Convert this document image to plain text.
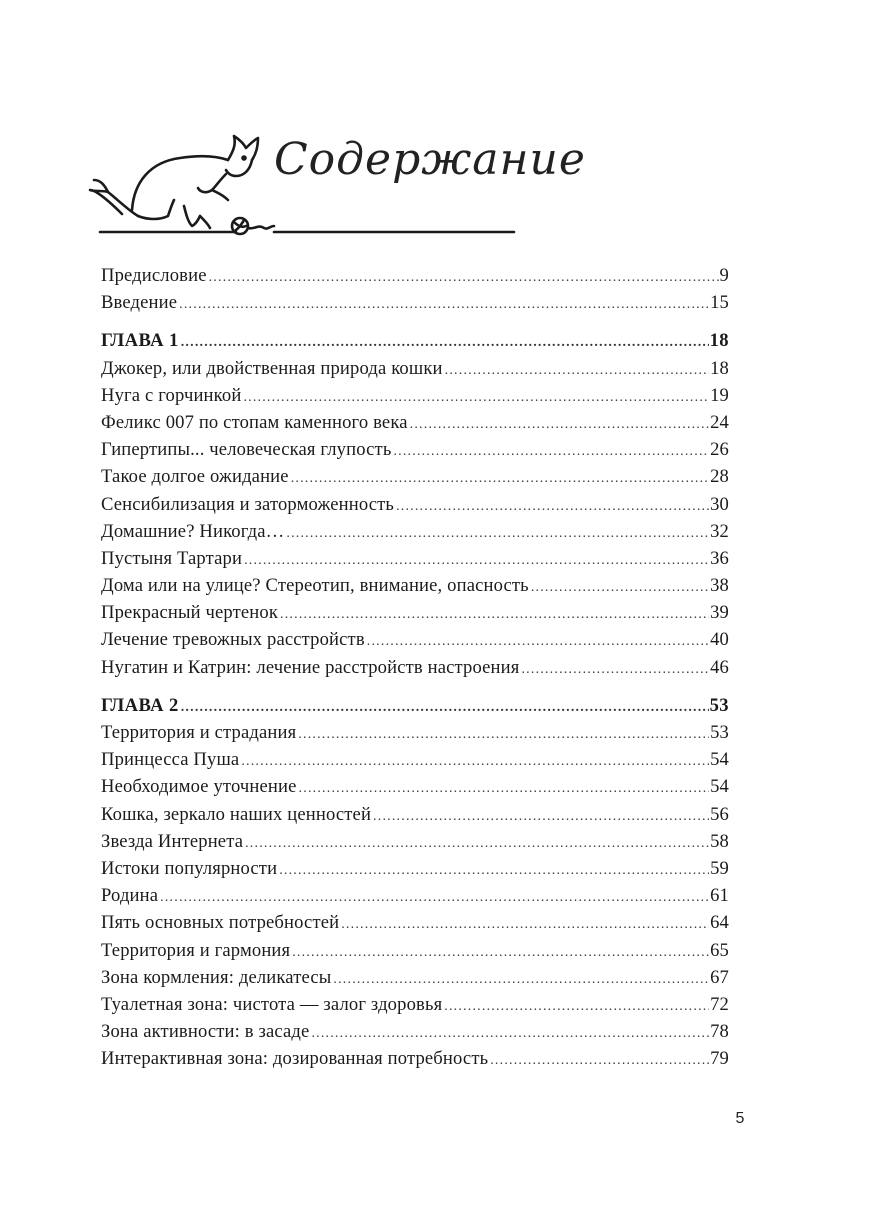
Содержание
Предисловие .....	9
Введение .....	15
ГЛАВА 1 .....	18
Джокер, или двойственная природа кошки .....	18
Нуга с горчинкой .....	19
Феликс 007 по стопам каменного века .....	24
Гипертипы... человеческая глупость .....	26
Такое долгое ожидание .....	28
Сенсибилизация и заторможенность .....	30
Домашние? Никогда… .....	32
Пустыня Тартари .....	36
Дома или на улице? Стереотип, внимание, опасность .....	38
Прекрасный чертенок .....	39
Лечение тревожных расстройств .....	40
Нугатин и Катрин: лечение расстройств настроения .....	46
ГЛАВА 2 .....	53
Территория и страдания .....	53
Принцесса Пуша .....	54
Необходимое уточнение .....	54
Кошка, зеркало наших ценностей .....	56
Звезда Интернета .....	58
Истоки популярности .....	59
Родина .....	61
Пять основных потребностей .....	64
Территория и гармония .....	65
Зона кормления: деликатесы .....	67
Туалетная зона: чистота — залог здоровья .....	72
Зона активности: в засаде .....	78
Интерактивная зона: дозированная потребность .....	79
5
